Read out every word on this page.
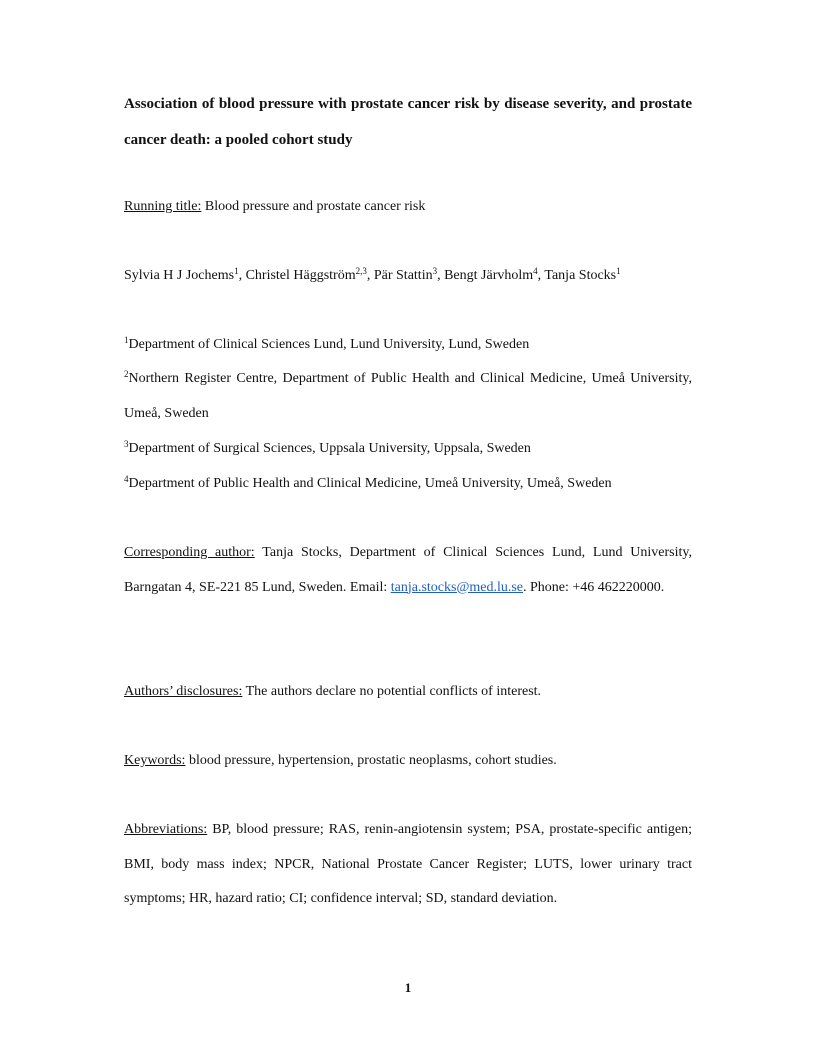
Association of blood pressure with prostate cancer risk by disease severity, and prostate cancer death: a pooled cohort study
Running title: Blood pressure and prostate cancer risk
Sylvia H J Jochems$^1$, Christel Häggström$^{2,3}$, Pär Stattin$^3$, Bengt Järvholm$^4$, Tanja Stocks$^1$
$^1$Department of Clinical Sciences Lund, Lund University, Lund, Sweden
$^2$Northern Register Centre, Department of Public Health and Clinical Medicine, Umeå University, Umeå, Sweden
$^3$Department of Surgical Sciences, Uppsala University, Uppsala, Sweden
$^4$Department of Public Health and Clinical Medicine, Umeå University, Umeå, Sweden
Corresponding author: Tanja Stocks, Department of Clinical Sciences Lund, Lund University, Barngatan 4, SE-221 85 Lund, Sweden. Email: tanja.stocks@med.lu.se. Phone: +46 462220000.
Authors’ disclosures: The authors declare no potential conflicts of interest.
Keywords: blood pressure, hypertension, prostatic neoplasms, cohort studies.
Abbreviations: BP, blood pressure; RAS, renin-angiotensin system; PSA, prostate-specific antigen; BMI, body mass index; NPCR, National Prostate Cancer Register; LUTS, lower urinary tract symptoms; HR, hazard ratio; CI; confidence interval; SD, standard deviation.
1
